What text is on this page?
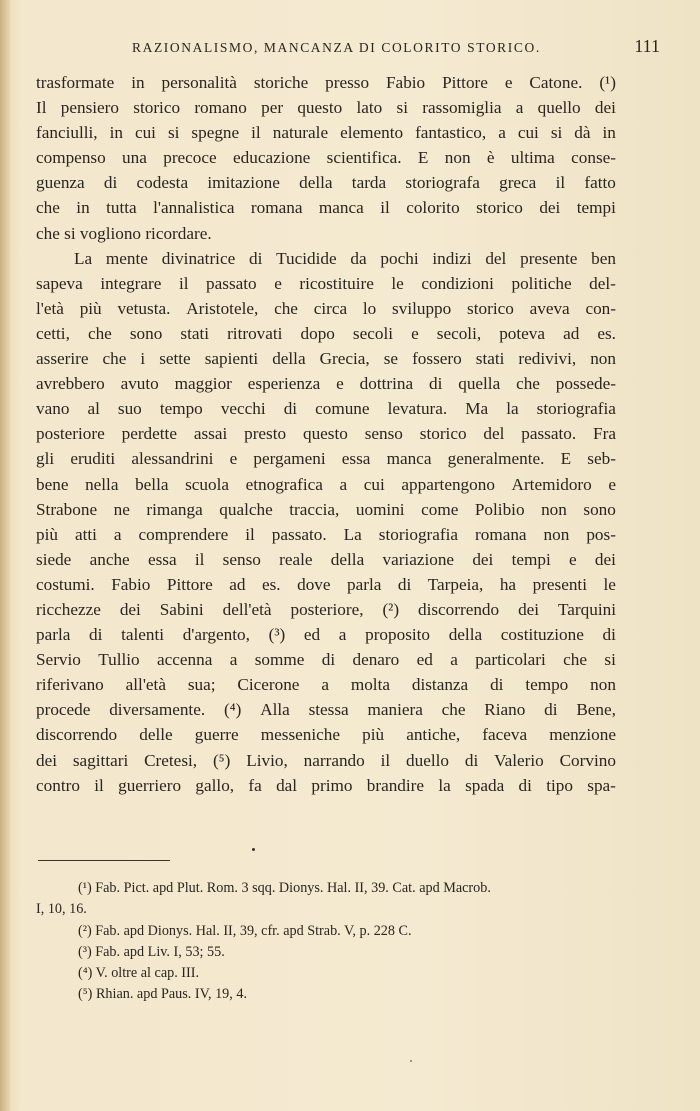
RAZIONALISMO, MANCANZA DI COLORITO STORICO.	111
trasformate in personalità storiche presso Fabio Pittore e Catone. (¹)
Il pensiero storico romano per questo lato si rassomiglia a quello dei
fanciulli, in cui si spegne il naturale elemento fantastico, a cui si dà in
compenso una precoce educazione scientifica. E non è ultima conse-
guenza di codesta imitazione della tarda storiografa greca il fatto
che in tutta l'annalistica romana manca il colorito storico dei tempi
che si vogliono ricordare.
La mente divinatrice di Tucidide da pochi indizi del presente ben
sapeva integrare il passato e ricostituire le condizioni politiche del-
l'età più vetusta. Aristotele, che circa lo sviluppo storico aveva con-
cetti, che sono stati ritrovati dopo secoli e secoli, poteva ad es.
asserire che i sette sapienti della Grecia, se fossero stati redivivi, non
avrebbero avuto maggior esperienza e dottrina di quella che possede-
vano al suo tempo vecchi di comune levatura. Ma la storiografia
posteriore perdette assai presto questo senso storico del passato. Fra
gli eruditi alessandrini e pergameni essa manca generalmente. E seb-
bene nella bella scuola etnografica a cui appartengono Artemidoro e
Strabone ne rimanga qualche traccia, uomini come Polibio non sono
più atti a comprendere il passato. La storiografia romana non pos-
siede anche essa il senso reale della variazione dei tempi e dei
costumi. Fabio Pittore ad es. dove parla di Tarpeia, ha presenti le
ricchezze dei Sabini dell'età posteriore, (²) discorrendo dei Tarquini
parla di talenti d'argento, (³) ed a proposito della costituzione di
Servio Tullio accenna a somme di denaro ed a particolari che si
riferivano all'età sua; Cicerone a molta distanza di tempo non
procede diversamente. (⁴) Alla stessa maniera che Riano di Bene,
discorrendo delle guerre messeniche più antiche, faceva menzione
dei sagittari Cretesi, (⁵) Livio, narrando il duello di Valerio Corvino
contro il guerriero gallo, fa dal primo brandire la spada di tipo spa-
(¹) Fab. Pict. apd Plut. Rom. 3 sqq. Dionys. Hal. II, 39. Cat. apd Macrob.
I, 10, 16.
(²) Fab. apd Dionys. Hal. II, 39, cfr. apd Strab. V, p. 228 C.
(³) Fab. apd Liv. I, 53; 55.
(⁴) V. oltre al cap. III.
(⁵) Rhian. apd Paus. IV, 19, 4.
